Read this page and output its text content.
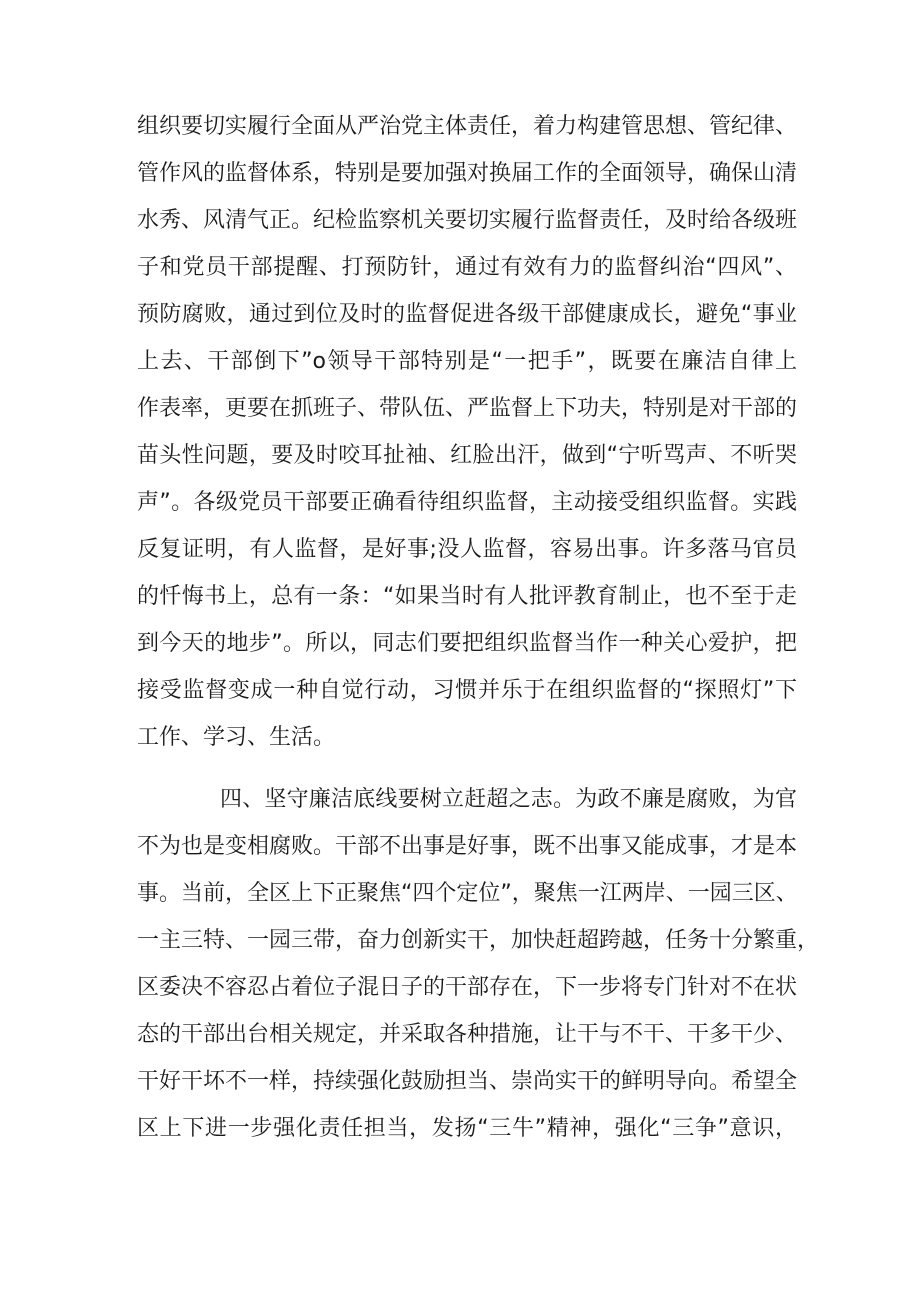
组织要切实履行全面从严治党主体责任，着力构建管思想、管纪律、
管作风的监督体系，特别是要加强对换届工作的全面领导，确保山清
水秀、风清气正。纪检监察机关要切实履行监督责任，及时给各级班
子和党员干部提醒、打预防针，通过有效有力的监督纠治“四风”、
预防腐败，通过到位及时的监督促进各级干部健康成长，避免“事业
上去、干部倒下”o领导干部特别是“一把手”，既要在廉洁自律上
作表率，更要在抓班子、带队伍、严监督上下功夫，特别是对干部的
苗头性问题，要及时咬耳扯袖、红脸出汗，做到“宁听骂声、不听哭
声”。各级党员干部要正确看待组织监督，主动接受组织监督。实践
反复证明，有人监督，是好事;没人监督，容易出事。许多落马官员
的忏悔书上，总有一条：“如果当时有人批评教育制止，也不至于走
到今天的地步”。所以，同志们要把组织监督当作一种关心爱护，把
接受监督变成一种自觉行动，习惯并乐于在组织监督的“探照灯”下
工作、学习、生活。
四、坚守廉洁底线要树立赶超之志。为政不廉是腐败，为官
不为也是变相腐败。干部不出事是好事，既不出事又能成事，才是本
事。当前，全区上下正聚焦“四个定位”，聚焦一江两岸、一园三区、
一主三特、一园三带，奋力创新实干，加快赶超跨越，任务十分繁重，
区委决不容忍占着位子混日子的干部存在，下一步将专门针对不在状
态的干部出台相关规定，并采取各种措施，让干与不干、干多干少、
干好干坏不一样，持续强化鼓励担当、崇尚实干的鲜明导向。希望全
区上下进一步强化责任担当，发扬“三牛”精神，强化“三争”意识，
